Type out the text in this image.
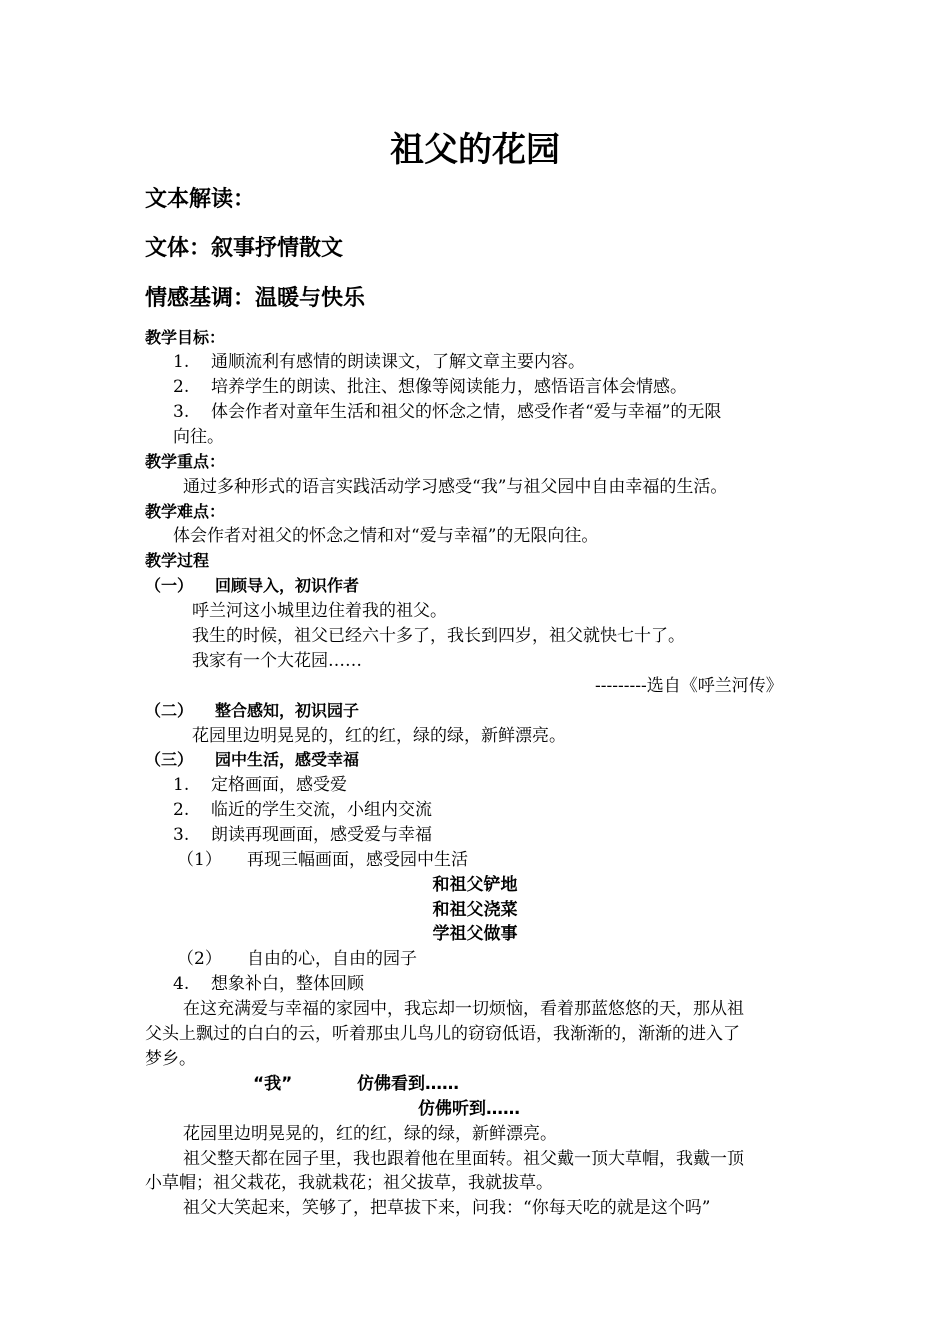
祖父的花园
文本解读：
文体：叙事抒情散文
情感基调：温暖与快乐
教学目标：
1. 通顺流利有感情的朗读课文，了解文章主要内容。
2. 培养学生的朗读、批注、想像等阅读能力，感悟语言体会情感。
3. 体会作者对童年生活和祖父的怀念之情，感受作者“爱与幸福”的无限
向往。
教学重点：
通过多种形式的语言实践活动学习感受“我”与祖父园中自由幸福的生活。
教学难点：
体会作者对祖父的怀念之情和对“爱与幸福”的无限向往。
教学过程
（一） 回顾导入，初识作者
呼兰河这小城里边住着我的祖父。
我生的时候，祖父已经六十多了，我长到四岁，祖父就快七十了。
我家有一个大花园……
---------选自《呼兰河传》
（二） 整合感知，初识园子
花园里边明晃晃的，红的红，绿的绿，新鲜漂亮。
（三） 园中生活，感受幸福
1. 定格画面，感受爱
2. 临近的学生交流，小组内交流
3. 朗读再现画面，感受爱与幸福
（1） 再现三幅画面，感受园中生活
和祖父铲地
和祖父浇菜
学祖父做事
（2） 自由的心，自由的园子
4. 想象补白，整体回顾
在这充满爱与幸福的家园中，我忘却一切烦恼，看着那蓝悠悠的天，那从祖
父头上飘过的白白的云，听着那虫儿鸟儿的窃窃低语，我渐渐的，渐渐的进入了
梦乡。
“我”	仿佛看到……
仿佛听到……
花园里边明晃晃的，红的红，绿的绿，新鲜漂亮。
祖父整天都在园子里，我也跟着他在里面转。祖父戴一顶大草帽，我戴一顶
小草帽；祖父栽花，我就栽花；祖父拔草，我就拔草。
祖父大笑起来，笑够了，把草拔下来，问我：“你每天吃的就是这个吗”
